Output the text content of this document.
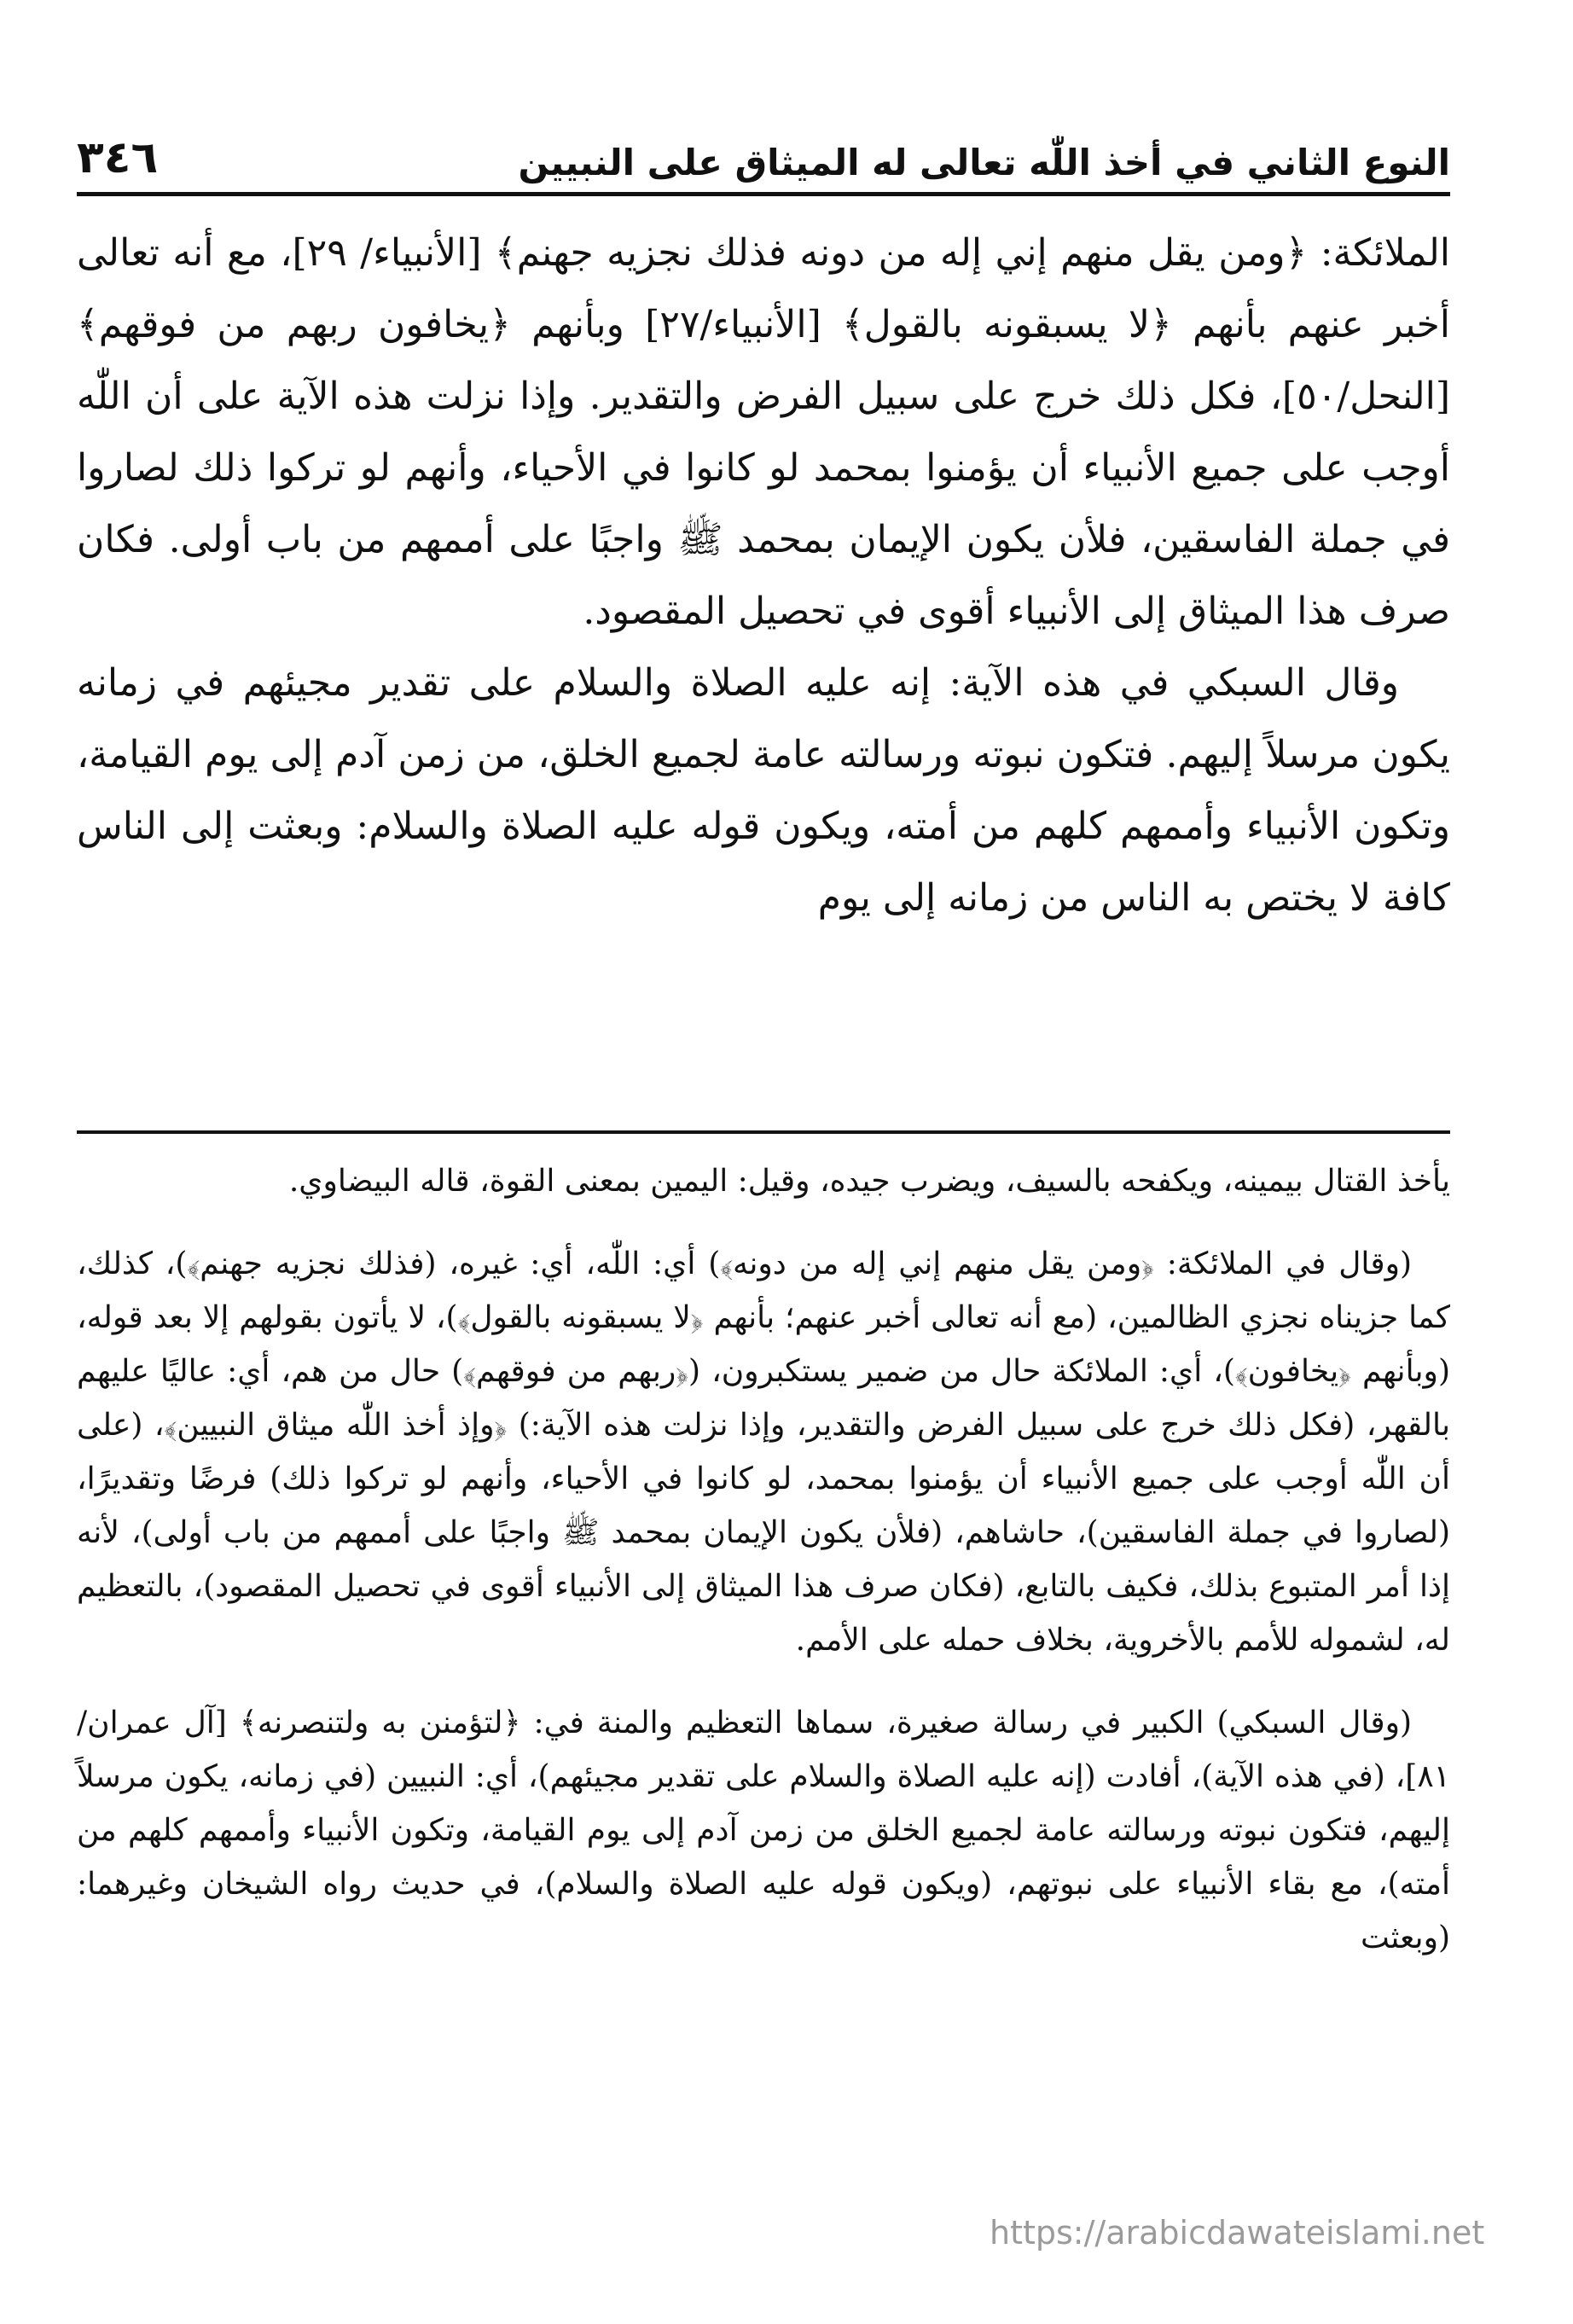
النوع الثاني في أخذ اللّٰه تعالى له الميثاق على النبيين
٣٤٦

الملائكة: ﴿ومن يقل منهم إني إله من دونه فذلك نجزيه جهنم﴾ [الأنبياء/ ٢٩]، مع أنه تعالى أخبر عنهم بأنهم ﴿لا يسبقونه بالقول﴾ [الأنبياء/٢٧] وبأنهم ﴿يخافون ربهم من فوقهم﴾ [النحل/٥٠]، فكل ذلك خرج على سبيل الفرض والتقدير. وإذا نزلت هذه الآية على أن اللّٰه أوجب على جميع الأنبياء أن يؤمنوا بمحمد لو كانوا في الأحياء، وأنهم لو تركوا ذلك لصاروا في جملة الفاسقين، فلأن يكون الإيمان بمحمد ﷺ واجبًا على أممهم من باب أولى. فكان صرف هذا الميثاق إلى الأنبياء أقوى في تحصيل المقصود.

وقال السبكي في هذه الآية: إنه عليه الصلاة والسلام على تقدير مجيئهم في زمانه يكون مرسلاً إليهم. فتكون نبوته ورسالته عامة لجميع الخلق، من زمن آدم إلى يوم القيامة، وتكون الأنبياء وأممهم كلهم من أمته، ويكون قوله عليه الصلاة والسلام: وبعثت إلى الناس كافة لا يختص به الناس من زمانه إلى يوم

يأخذ القتال بيمينه، ويكفحه بالسيف، ويضرب جيده، وقيل: اليمين بمعنى القوة، قاله البيضاوي.

(وقال في الملائكة: ﴿ومن يقل منهم إني إله من دونه﴾) أي: اللّٰه، أي: غيره، (فذلك نجزيه جهنم﴾)، كذلك، كما جزيناه نجزي الظالمين، (مع أنه تعالى أخبر عنهم؛ بأنهم ﴿لا يسبقونه بالقول﴾)، لا يأتون بقولهم إلا بعد قوله، (وبأنهم ﴿يخافون﴾)، أي: الملائكة حال من ضمير يستكبرون، (﴿ربهم من فوقهم﴾) حال من هم، أي: عاليًا عليهم بالقهر، (فكل ذلك خرج على سبيل الفرض والتقدير، وإذا نزلت هذه الآية:) ﴿وإذ أخذ اللّٰه ميثاق النبيين﴾، (على أن اللّٰه أوجب على جميع الأنبياء أن يؤمنوا بمحمد، لو كانوا في الأحياء، وأنهم لو تركوا ذلك) فرضًا وتقديرًا، (لصاروا في جملة الفاسقين)، حاشاهم، (فلأن يكون الإيمان بمحمد ﷺ واجبًا على أممهم من باب أولى)، لأنه إذا أمر المتبوع بذلك، فكيف بالتابع، (فكان صرف هذا الميثاق إلى الأنبياء أقوى في تحصيل المقصود)، بالتعظيم له، لشموله للأمم بالأخروية، بخلاف حمله على الأمم.

(وقال السبكي) الكبير في رسالة صغيرة، سماها التعظيم والمنة في: ﴿لتؤمنن به ولتنصرنه﴾ [آل عمران/٨١]، (في هذه الآية)، أفادت (إنه عليه الصلاة والسلام على تقدير مجيئهم)، أي: النبيين (في زمانه، يكون مرسلاً إليهم، فتكون نبوته ورسالته عامة لجميع الخلق من زمن آدم إلى يوم القيامة، وتكون الأنبياء وأممهم كلهم من أمته)، مع بقاء الأنبياء على نبوتهم، (ويكون قوله عليه الصلاة والسلام)، في حديث رواه الشيخان وغيرهما: (وبعثت

https://arabicdawateislami.net
